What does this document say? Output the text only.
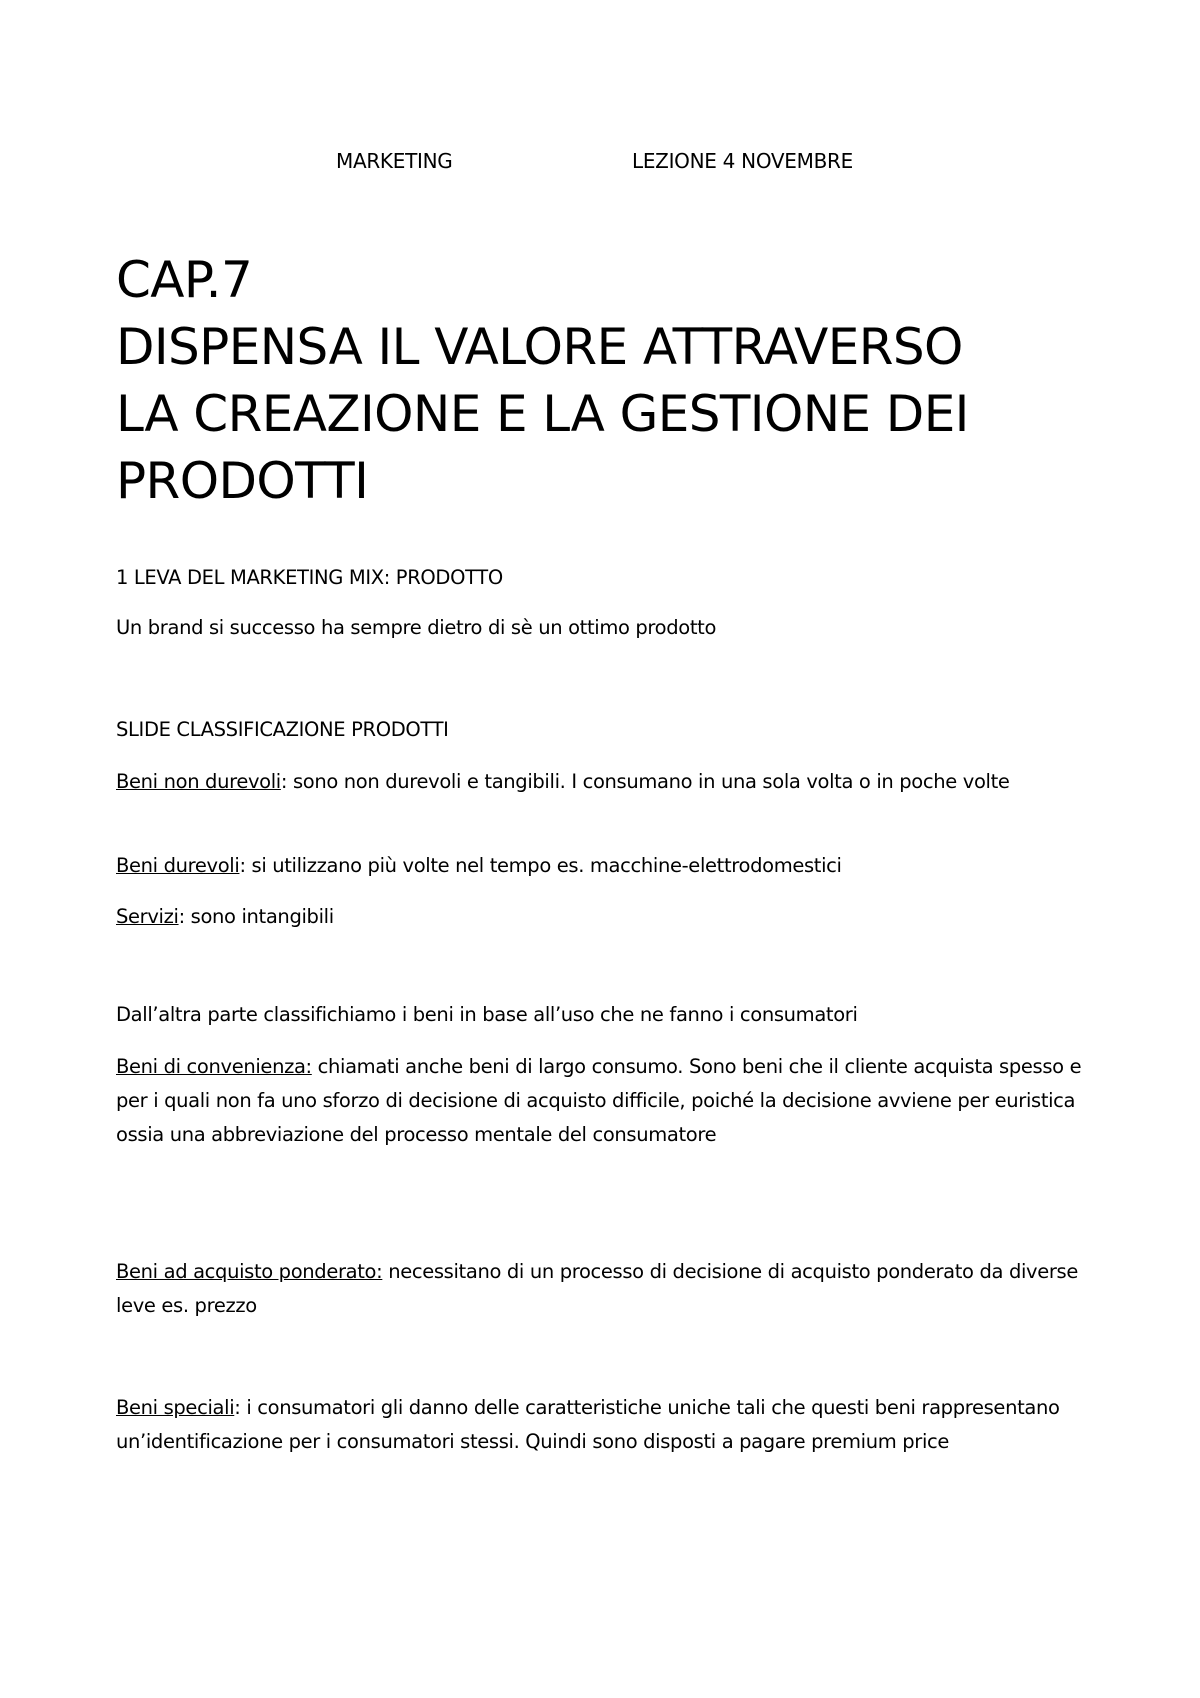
MARKETING	LEZIONE 4 NOVEMBRE
CAP.7
DISPENSA IL VALORE ATTRAVERSO
LA CREAZIONE E LA GESTIONE DEI
PRODOTTI
1 LEVA DEL MARKETING MIX: PRODOTTO
Un brand si successo ha sempre dietro di sè un ottimo prodotto
SLIDE CLASSIFICAZIONE PRODOTTI
Beni non durevoli: sono non durevoli e tangibili. I consumano in una sola volta o in poche volte
Beni durevoli: si utilizzano più volte nel tempo es. macchine-elettrodomestici
Servizi: sono intangibili
Dall’altra parte classifichiamo i beni in base all’uso che ne fanno i consumatori
Beni di convenienza: chiamati anche beni di largo consumo. Sono beni che il cliente acquista spesso e per i quali non fa uno sforzo di decisione di acquisto difficile, poiché la decisione avviene per euristica ossia una abbreviazione del processo mentale del consumatore
Beni ad acquisto ponderato: necessitano di un processo di decisione di acquisto ponderato da diverse leve es. prezzo
Beni speciali: i consumatori gli danno delle caratteristiche uniche tali che questi beni rappresentano un’identificazione per i consumatori stessi. Quindi sono disposti a pagare premium price
